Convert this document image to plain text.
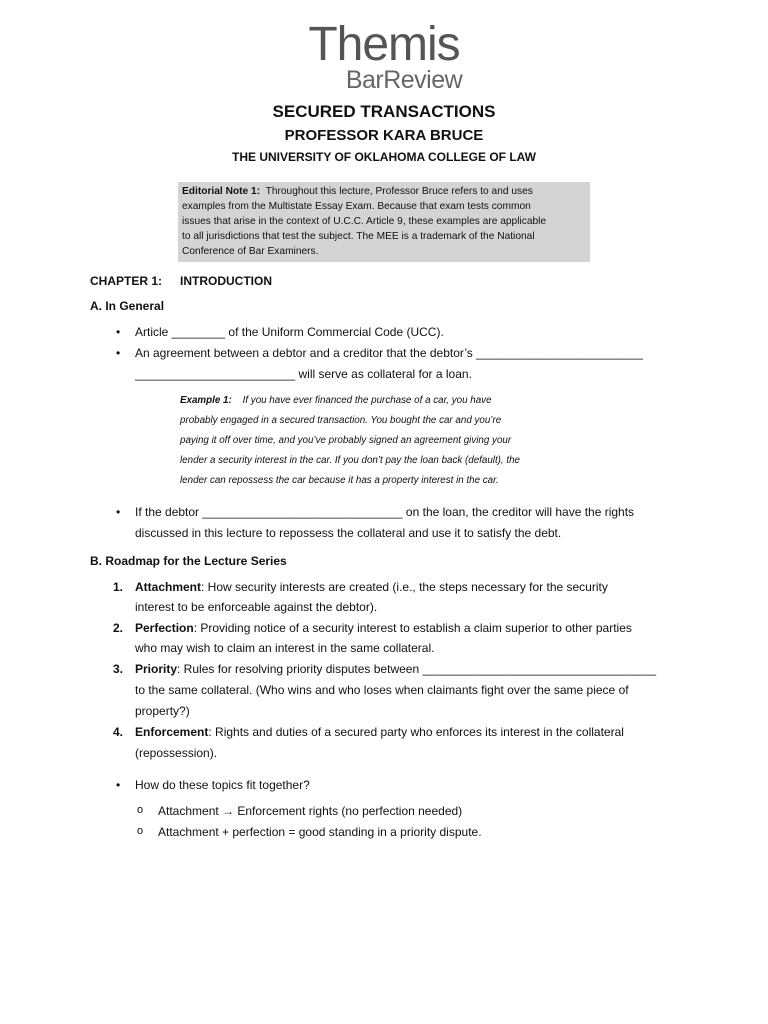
Themis
BarReview
SECURED TRANSACTIONS
PROFESSOR KARA BRUCE
THE UNIVERSITY OF OKLAHOMA COLLEGE OF LAW
Editorial Note 1: Throughout this lecture, Professor Bruce refers to and uses
examples from the Multistate Essay Exam. Because that exam tests common
issues that arise in the context of U.C.C. Article 9, these examples are applicable
to all jurisdictions that test the subject. The MEE is a trademark of the National
Conference of Bar Examiners.
CHAPTER 1: INTRODUCTION
A. In General
• Article ________ of the Uniform Commercial Code (UCC).
• An agreement between a debtor and a creditor that the debtor’s _________________________
________________________ will serve as collateral for a loan.
Example 1: If you have ever financed the purchase of a car, you have
probably engaged in a secured transaction. You bought the car and you’re
paying it off over time, and you’ve probably signed an agreement giving your
lender a security interest in the car. If you don’t pay the loan back (default), the
lender can repossess the car because it has a property interest in the car.
• If the debtor ______________________________ on the loan, the creditor will have the rights
discussed in this lecture to repossess the collateral and use it to satisfy the debt.
B. Roadmap for the Lecture Series
1. Attachment: How security interests are created (i.e., the steps necessary for the security
interest to be enforceable against the debtor).
2. Perfection: Providing notice of a security interest to establish a claim superior to other parties
who may wish to claim an interest in the same collateral.
3. Priority: Rules for resolving priority disputes between ___________________________________
to the same collateral. (Who wins and who loses when claimants fight over the same piece of
property?)
4. Enforcement: Rights and duties of a secured party who enforces its interest in the collateral
(repossession).
• How do these topics fit together?
o Attachment → Enforcement rights (no perfection needed)
o Attachment + perfection = good standing in a priority dispute.
